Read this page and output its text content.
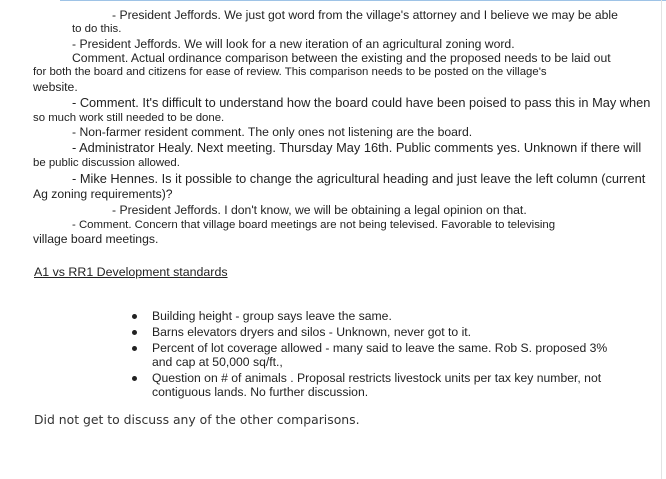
- President Jeffords. We just got word from the village's attorney and I believe we may be able
to do this.
- President Jeffords. We will look for a new iteration of an agricultural zoning word.
Comment. Actual ordinance comparison between the existing and the proposed needs to be laid out
for both the board and citizens for ease of review. This comparison needs to be posted on the village's
website.
- Comment. It's difficult to understand how the board could have been poised to pass this in May when
so much work still needed to be done.
- Non-farmer resident comment. The only ones not listening are the board.
- Administrator Healy. Next meeting. Thursday May 16th. Public comments yes. Unknown if there will
be public discussion allowed.
- Mike Hennes. Is it possible to change the agricultural heading and just leave the left column (current
Ag zoning requirements)?
- President Jeffords. I don't know, we will be obtaining a legal opinion on that.
- Comment. Concern that village board meetings are not being televised. Favorable to televising
village board meetings.
A1 vs RR1 Development standards
Building height - group says leave the same.
Barns elevators dryers and silos - Unknown, never got to it.
Percent of lot coverage allowed - many said to leave the same. Rob S. proposed 3% and cap at 50,000 sq/ft.,
Question on # of animals . Proposal restricts livestock units per tax key number, not contiguous lands. No further discussion.
Did not get to discuss any of the other comparisons.
